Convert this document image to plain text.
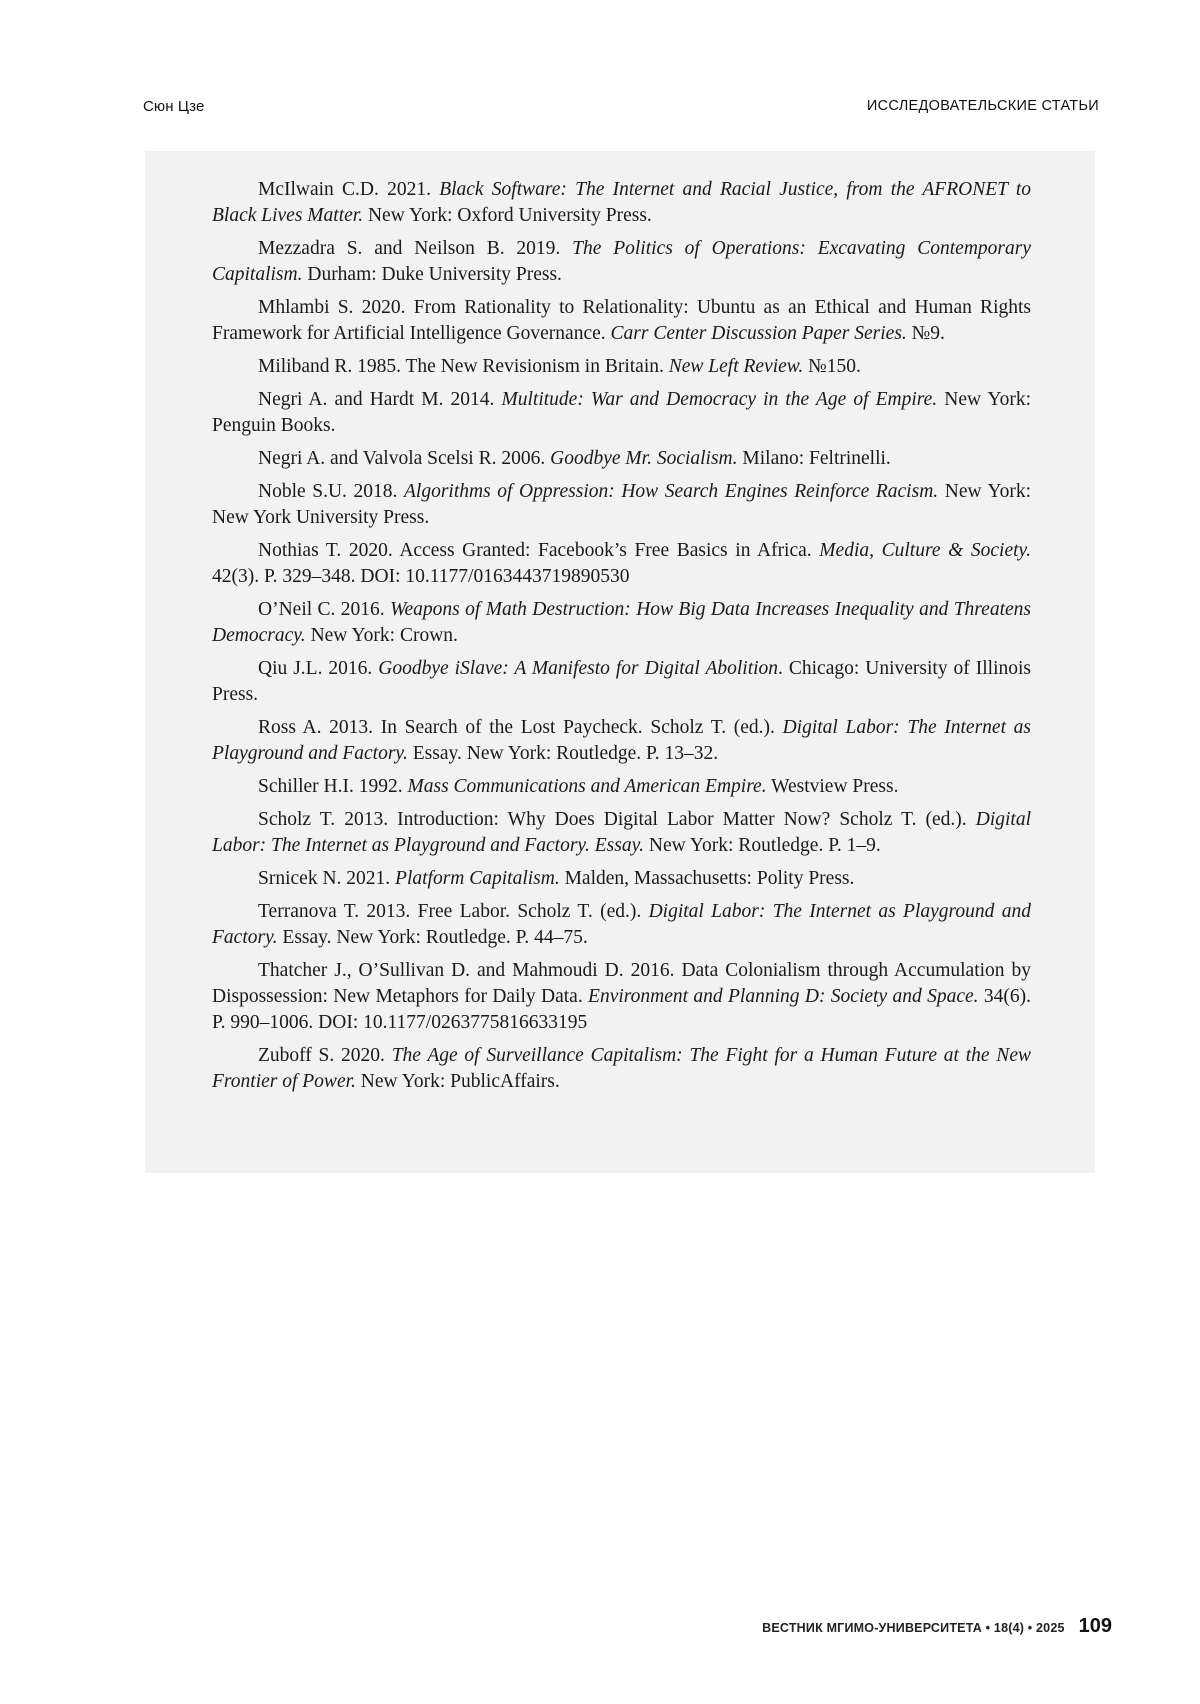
Сюн Цзе	ИССЛЕДОВАТЕЛЬСКИЕ СТАТЬИ

McIlwain C.D. 2021. Black Software: The Internet and Racial Justice, from the AFRONET to Black Lives Matter. New York: Oxford University Press.

Mezzadra S. and Neilson B. 2019. The Politics of Operations: Excavating Contemporary Capitalism. Durham: Duke University Press.

Mhlambi S. 2020. From Rationality to Relationality: Ubuntu as an Ethical and Human Rights Framework for Artificial Intelligence Governance. Carr Center Discussion Paper Series. №9.

Miliband R. 1985. The New Revisionism in Britain. New Left Review. №150.

Negri A. and Hardt M. 2014. Multitude: War and Democracy in the Age of Empire. New York: Penguin Books.

Negri A. and Valvola Scelsi R. 2006. Goodbye Mr. Socialism. Milano: Feltrinelli.

Noble S.U. 2018. Algorithms of Oppression: How Search Engines Reinforce Racism. New York: New York University Press.

Nothias T. 2020. Access Granted: Facebook’s Free Basics in Africa. Media, Culture & Society. 42(3). P. 329–348. DOI: 10.1177/0163443719890530

O’Neil C. 2016. Weapons of Math Destruction: How Big Data Increases Inequality and Threatens Democracy. New York: Crown.

Qiu J.L. 2016. Goodbye iSlave: A Manifesto for Digital Abolition. Chicago: University of Illinois Press.

Ross A. 2013. In Search of the Lost Paycheck. Scholz T. (ed.). Digital Labor: The Internet as Playground and Factory. Essay. New York: Routledge. P. 13–32.

Schiller H.I. 1992. Mass Communications and American Empire. Westview Press.

Scholz T. 2013. Introduction: Why Does Digital Labor Matter Now? Scholz T. (ed.). Digital Labor: The Internet as Playground and Factory. Essay. New York: Routledge. P. 1–9.

Srnicek N. 2021. Platform Capitalism. Malden, Massachusetts: Polity Press.

Terranova T. 2013. Free Labor. Scholz T. (ed.). Digital Labor: The Internet as Playground and Factory. Essay. New York: Routledge. P. 44–75.

Thatcher J., O’Sullivan D. and Mahmoudi D. 2016. Data Colonialism through Accumulation by Dispossession: New Metaphors for Daily Data. Environment and Planning D: Society and Space. 34(6). P. 990–1006. DOI: 10.1177/0263775816633195

Zuboff S. 2020. The Age of Surveillance Capitalism: The Fight for a Human Future at the New Frontier of Power. New York: PublicAffairs.

ВЕСТНИК МГИМО-УНИВЕРСИТЕТА • 18(4) • 2025 109
